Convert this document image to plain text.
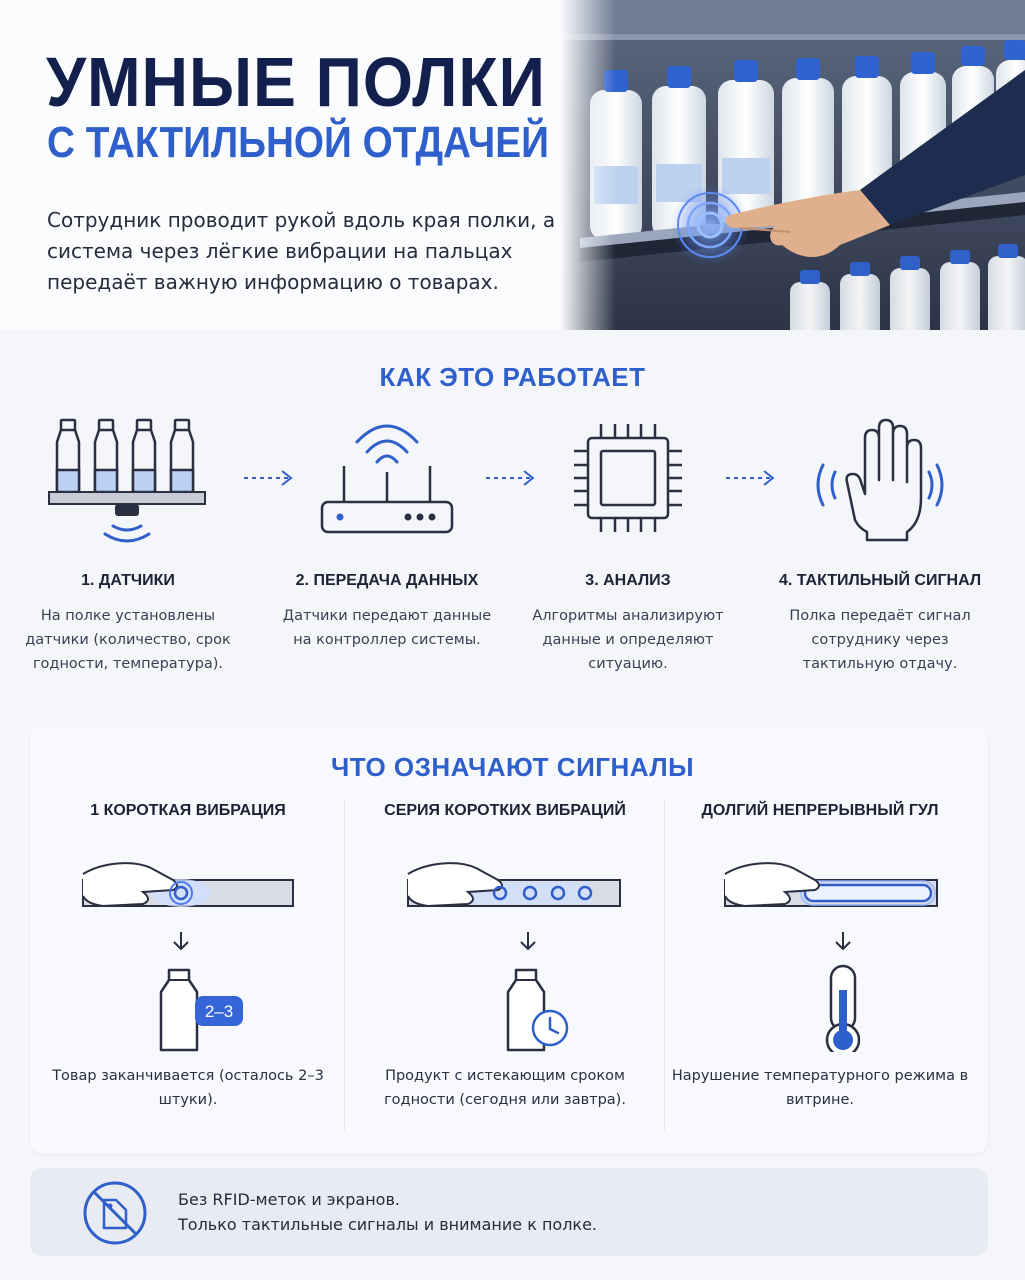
УМНЫЕ ПОЛКИ
С ТАКТИЛЬНОЙ ОТДАЧЕЙ
Сотрудник проводит рукой вдоль края полки, а система через лёгкие вибрации на пальцах передаёт важную информацию о товарах.
КАК ЭТО РАБОТАЕТ
1. ДАТЧИКИ
На полке установлены датчики (количество, срок годности, температура).
2. ПЕРЕДАЧА ДАННЫХ
Датчики передают данные на контроллер системы.
3. АНАЛИЗ
Алгоритмы анализируют данные и определяют ситуацию.
4. ТАКТИЛЬНЫЙ СИГНАЛ
Полка передаёт сигнал сотруднику через тактильную отдачу.
ЧТО ОЗНАЧАЮТ СИГНАЛЫ
1 КОРОТКАЯ ВИБРАЦИЯ
2–3
Товар заканчивается (осталось 2–3 штуки).
СЕРИЯ КОРОТКИХ ВИБРАЦИЙ
Продукт с истекающим сроком годности (сегодня или завтра).
ДОЛГИЙ НЕПРЕРЫВНЫЙ ГУЛ
Нарушение температурного режима в витрине.
Без RFID-меток и экранов.
Только тактильные сигналы и внимание к полке.
